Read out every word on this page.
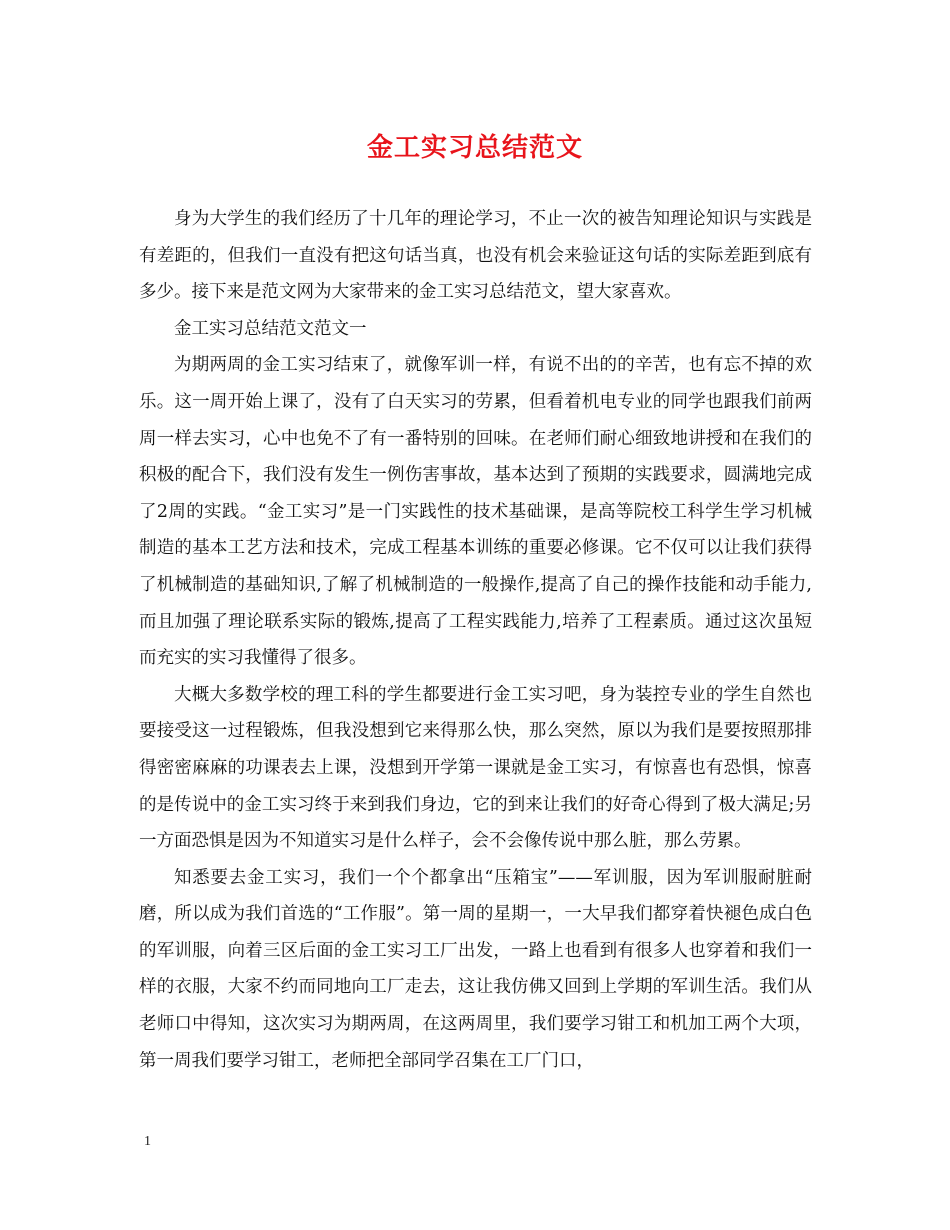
金工实习总结范文

身为大学生的我们经历了十几年的理论学习，不止一次的被告知理论知识与实践是有差距的，但我们一直没有把这句话当真，也没有机会来验证这句话的实际差距到底有多少。接下来是范文网为大家带来的金工实习总结范文，望大家喜欢。

金工实习总结范文范文一

为期两周的金工实习结束了，就像军训一样，有说不出的的辛苦，也有忘不掉的欢乐。这一周开始上课了，没有了白天实习的劳累，但看着机电专业的同学也跟我们前两周一样去实习，心中也免不了有一番特别的回味。在老师们耐心细致地讲授和在我们的积极的配合下，我们没有发生一例伤害事故，基本达到了预期的实践要求，圆满地完成了2周的实践。“金工实习”是一门实践性的技术基础课，是高等院校工科学生学习机械制造的基本工艺方法和技术，完成工程基本训练的重要必修课。它不仅可以让我们获得了机械制造的基础知识,了解了机械制造的一般操作,提高了自己的操作技能和动手能力,而且加强了理论联系实际的锻炼,提高了工程实践能力,培养了工程素质。通过这次虽短而充实的实习我懂得了很多。

大概大多数学校的理工科的学生都要进行金工实习吧，身为装控专业的学生自然也要接受这一过程锻炼，但我没想到它来得那么快，那么突然，原以为我们是要按照那排得密密麻麻的功课表去上课，没想到开学第一课就是金工实习，有惊喜也有恐惧，惊喜的是传说中的金工实习终于来到我们身边，它的到来让我们的好奇心得到了极大满足;另一方面恐惧是因为不知道实习是什么样子，会不会像传说中那么脏，那么劳累。

知悉要去金工实习，我们一个个都拿出“压箱宝”——军训服，因为军训服耐脏耐磨，所以成为我们首选的“工作服”。第一周的星期一，一大早我们都穿着快褪色成白色的军训服，向着三区后面的金工实习工厂出发，一路上也看到有很多人也穿着和我们一样的衣服，大家不约而同地向工厂走去，这让我仿佛又回到上学期的军训生活。我们从老师口中得知，这次实习为期两周，在这两周里，我们要学习钳工和机加工两个大项，第一周我们要学习钳工，老师把全部同学召集在工厂门口，

1
